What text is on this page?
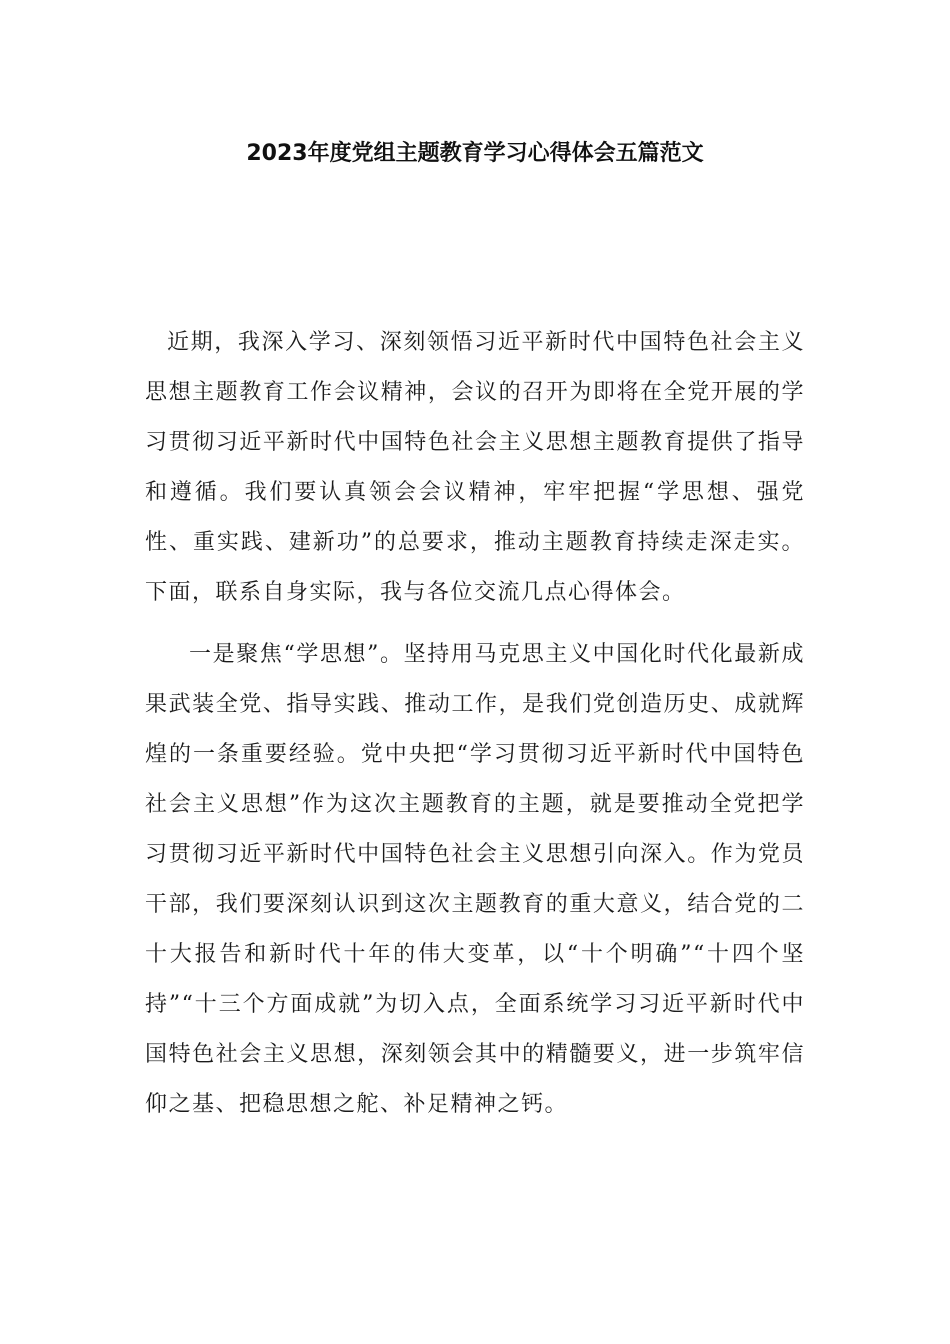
2023年度党组主题教育学习心得体会五篇范文

近期，我深入学习、深刻领悟习近平新时代中国特色社会主义思想主题教育工作会议精神，会议的召开为即将在全党开展的学习贯彻习近平新时代中国特色社会主义思想主题教育提供了指导和遵循。我们要认真领会会议精神，牢牢把握“学思想、强党性、重实践、建新功”的总要求，推动主题教育持续走深走实。下面，联系自身实际，我与各位交流几点心得体会。

一是聚焦“学思想”。坚持用马克思主义中国化时代化最新成果武装全党、指导实践、推动工作，是我们党创造历史、成就辉煌的一条重要经验。党中央把“学习贯彻习近平新时代中国特色社会主义思想”作为这次主题教育的主题，就是要推动全党把学习贯彻习近平新时代中国特色社会主义思想引向深入。作为党员干部，我们要深刻认识到这次主题教育的重大意义，结合党的二十大报告和新时代十年的伟大变革，以“十个明确”“十四个坚持”“十三个方面成就”为切入点，全面系统学习习近平新时代中国特色社会主义思想，深刻领会其中的精髓要义，进一步筑牢信仰之基、把稳思想之舵、补足精神之钙。
